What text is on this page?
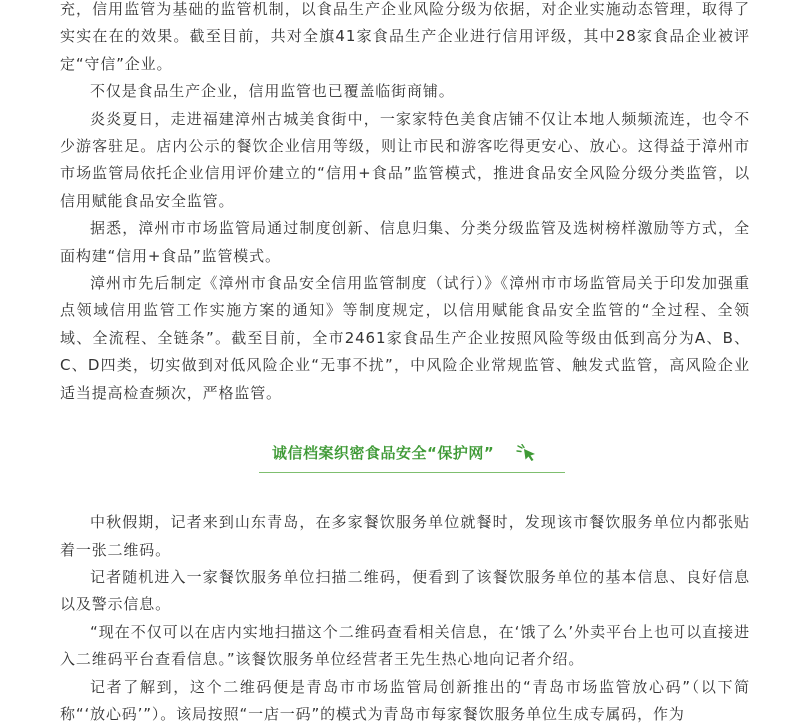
充，信用监管为基础的监管机制，以食品生产企业风险分级为依据，对企业实施动态管理，取得了实实在在的效果。截至目前，共对全旗41家食品生产企业进行信用评级，其中28家食品企业被评定“守信”企业。

不仅是食品生产企业，信用监管也已覆盖临街商铺。

炎炎夏日，走进福建漳州古城美食街中，一家家特色美食店铺不仅让本地人频频流连，也令不少游客驻足。店内公示的餐饮企业信用等级，则让市民和游客吃得更安心、放心。这得益于漳州市市场监管局依托企业信用评价建立的“信用+食品”监管模式，推进食品安全风险分级分类监管，以信用赋能食品安全监管。

据悉，漳州市市场监管局通过制度创新、信息归集、分类分级监管及选树榜样激励等方式，全面构建“信用+食品”监管模式。

漳州市先后制定《漳州市食品安全信用监管制度（试行）》《漳州市市场监管局关于印发加强重点领域信用监管工作实施方案的通知》等制度规定，以信用赋能食品安全监管的“全过程、全领域、全流程、全链条”。截至目前，全市2461家食品生产企业按照风险等级由低到高分为A、B、C、D四类，切实做到对低风险企业“无事不扰”，中风险企业常规监管、触发式监管，高风险企业适当提高检查频次，严格监管。

诚信档案织密食品安全“保护网”

中秋假期，记者来到山东青岛，在多家餐饮服务单位就餐时，发现该市餐饮服务单位内都张贴着一张二维码。

记者随机进入一家餐饮服务单位扫描二维码，便看到了该餐饮服务单位的基本信息、良好信息以及警示信息。

“现在不仅可以在店内实地扫描这个二维码查看相关信息，在‘饿了么’外卖平台上也可以直接进入二维码平台查看信息。”该餐饮服务单位经营者王先生热心地向记者介绍。

记者了解到，这个二维码便是青岛市市场监管局创新推出的“青岛市场监管放心码”（以下简称“‘放心码’”）。该局按照“一店一码”的模式为青岛市每家餐饮服务单位生成专属码，作为
